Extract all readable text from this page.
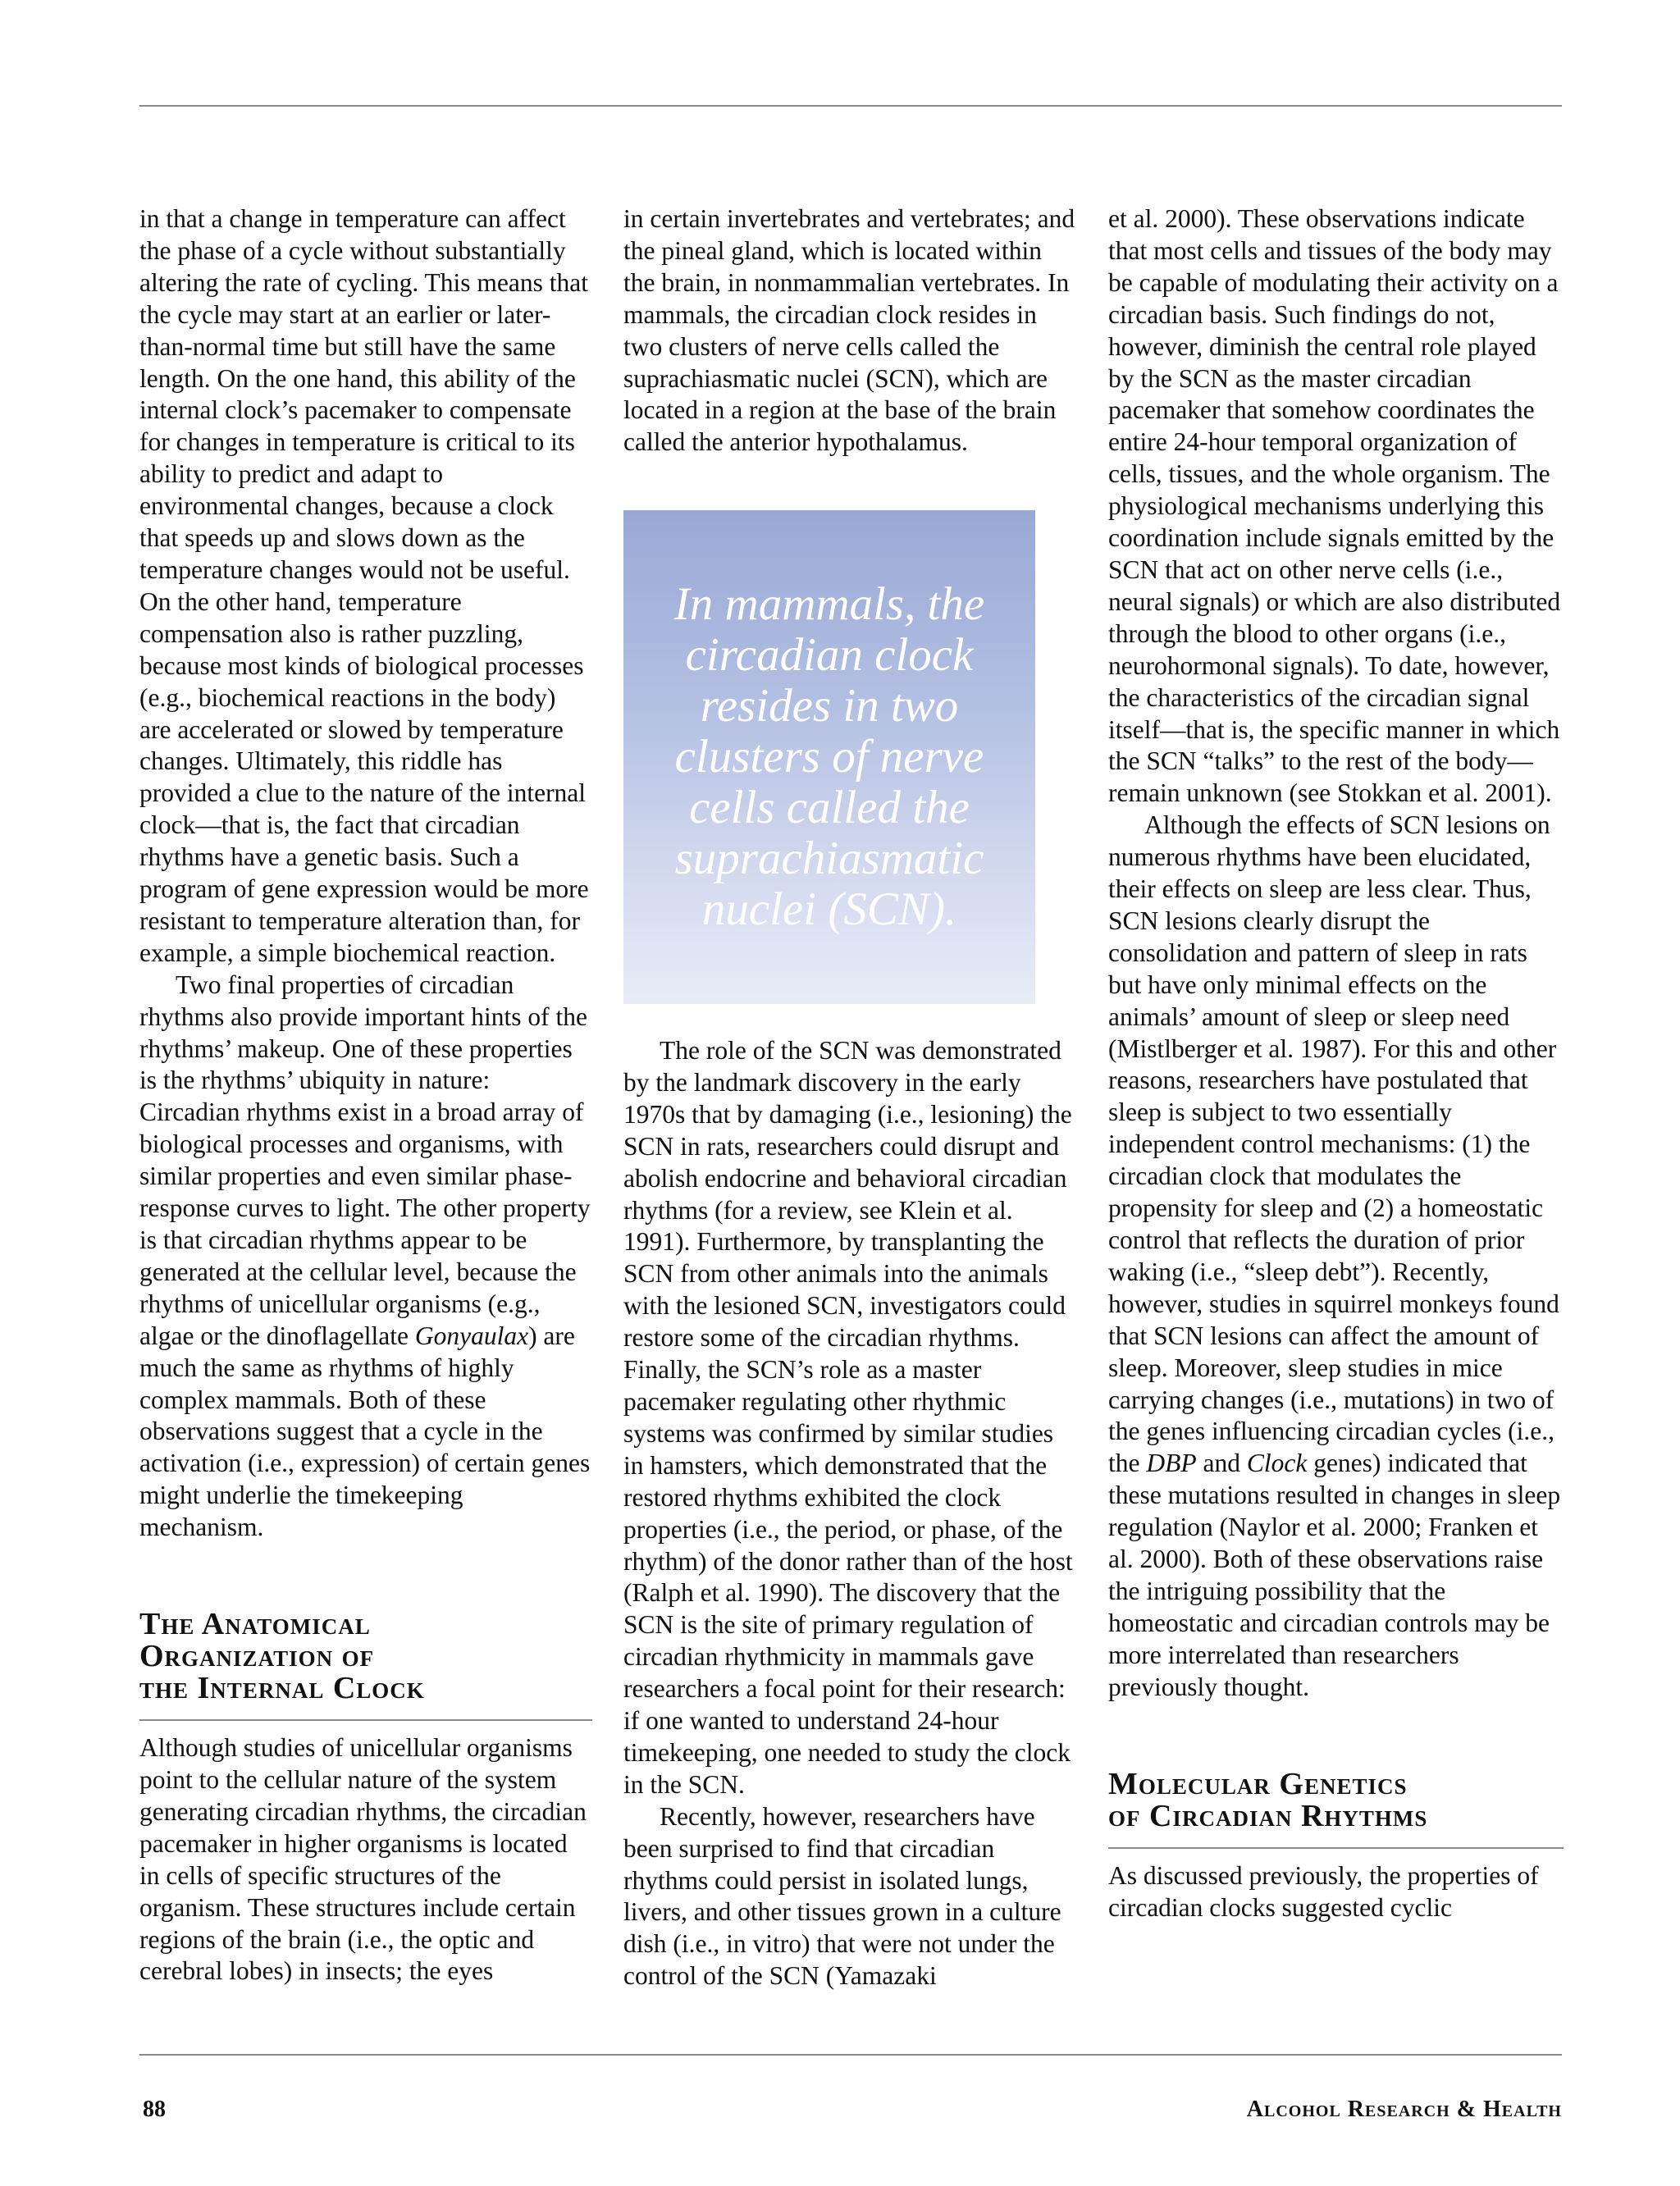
in that a change in temperature can affect the phase of a cycle without substantially altering the rate of cycling. This means that the cycle may start at an earlier or later-than-normal time but still have the same length. On the one hand, this ability of the internal clock’s pacemaker to compensate for changes in temperature is critical to its ability to predict and adapt to environmental changes, because a clock that speeds up and slows down as the temperature changes would not be useful. On the other hand, temperature compensation also is rather puzzling, because most kinds of biological processes (e.g., biochemical reactions in the body) are accelerated or slowed by temperature changes. Ultimately, this riddle has provided a clue to the nature of the internal clock—that is, the fact that circadian rhythms have a genetic basis. Such a program of gene expression would be more resistant to temperature alteration than, for example, a simple biochemical reaction.

Two final properties of circadian rhythms also provide important hints of the rhythms’ makeup. One of these properties is the rhythms’ ubiquity in nature: Circadian rhythms exist in a broad array of biological processes and organisms, with similar properties and even similar phase-response curves to light. The other property is that circadian rhythms appear to be generated at the cellular level, because the rhythms of unicellular organisms (e.g., algae or the dinoflagellate Gonyaulax) are much the same as rhythms of highly complex mammals. Both of these observations suggest that a cycle in the activation (i.e., expression) of certain genes might underlie the timekeeping mechanism.

The Anatomical
Organization of
the Internal Clock

Although studies of unicellular organisms point to the cellular nature of the system generating circadian rhythms, the circadian pacemaker in higher organisms is located in cells of specific structures of the organism. These structures include certain regions of the brain (i.e., the optic and cerebral lobes) in insects; the eyes

in certain invertebrates and vertebrates; and the pineal gland, which is located within the brain, in nonmammalian vertebrates. In mammals, the circadian clock resides in two clusters of nerve cells called the suprachiasmatic nuclei (SCN), which are located in a region at the base of the brain called the anterior hypothalamus.

In mammals, the circadian clock resides in two clusters of nerve cells called the suprachiasmatic nuclei (SCN).

The role of the SCN was demonstrated by the landmark discovery in the early 1970s that by damaging (i.e., lesioning) the SCN in rats, researchers could disrupt and abolish endocrine and behavioral circadian rhythms (for a review, see Klein et al. 1991). Furthermore, by transplanting the SCN from other animals into the animals with the lesioned SCN, investigators could restore some of the circadian rhythms. Finally, the SCN’s role as a master pacemaker regulating other rhythmic systems was confirmed by similar studies in hamsters, which demonstrated that the restored rhythms exhibited the clock properties (i.e., the period, or phase, of the rhythm) of the donor rather than of the host (Ralph et al. 1990). The discovery that the SCN is the site of primary regulation of circadian rhythmicity in mammals gave researchers a focal point for their research: if one wanted to understand 24-hour timekeeping, one needed to study the clock in the SCN.

Recently, however, researchers have been surprised to find that circadian rhythms could persist in isolated lungs, livers, and other tissues grown in a culture dish (i.e., in vitro) that were not under the control of the SCN (Yamazaki

et al. 2000). These observations indicate that most cells and tissues of the body may be capable of modulating their activity on a circadian basis. Such findings do not, however, diminish the central role played by the SCN as the master circadian pacemaker that somehow coordinates the entire 24-hour temporal organization of cells, tissues, and the whole organism. The physiological mechanisms underlying this coordination include signals emitted by the SCN that act on other nerve cells (i.e., neural signals) or which are also distributed through the blood to other organs (i.e., neurohormonal signals). To date, however, the characteristics of the circadian signal itself—that is, the specific manner in which the SCN “talks” to the rest of the body—remain unknown (see Stokkan et al. 2001).

Although the effects of SCN lesions on numerous rhythms have been elucidated, their effects on sleep are less clear. Thus, SCN lesions clearly disrupt the consolidation and pattern of sleep in rats but have only minimal effects on the animals’ amount of sleep or sleep need (Mistlberger et al. 1987). For this and other reasons, researchers have postulated that sleep is subject to two essentially independent control mechanisms: (1) the circadian clock that modulates the propensity for sleep and (2) a homeostatic control that reflects the duration of prior waking (i.e., “sleep debt”). Recently, however, studies in squirrel monkeys found that SCN lesions can affect the amount of sleep. Moreover, sleep studies in mice carrying changes (i.e., mutations) in two of the genes influencing circadian cycles (i.e., the DBP and Clock genes) indicated that these mutations resulted in changes in sleep regulation (Naylor et al. 2000; Franken et al. 2000). Both of these observations raise the intriguing possibility that the homeostatic and circadian controls may be more interrelated than researchers previously thought.

Molecular Genetics
of Circadian Rhythms

As discussed previously, the properties of circadian clocks suggested cyclic

88	Alcohol Research & Health
